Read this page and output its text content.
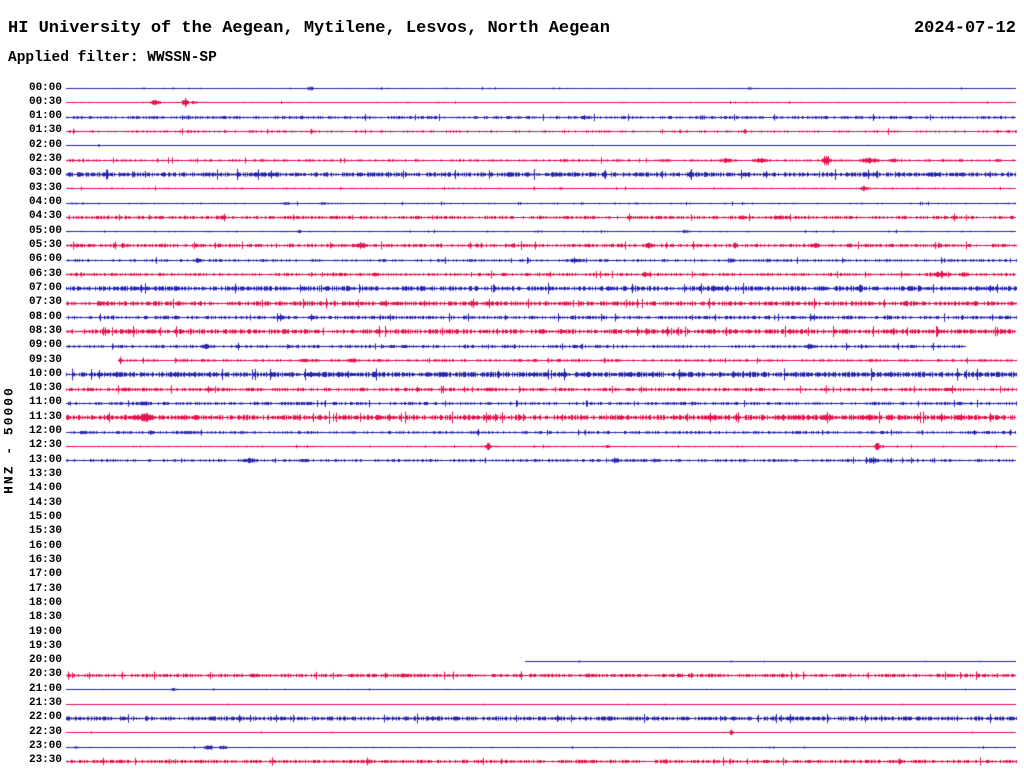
HI University of the Aegean, Mytilene, Lesvos, North Aegean	2024-07-12
Applied filter: WWSSN-SP
HNZ - 50000
00:00
00:30
01:00
01:30
02:00
02:30
03:00
03:30
04:00
04:30
05:00
05:30
06:00
06:30
07:00
07:30
08:00
08:30
09:00
09:30
10:00
10:30
11:00
11:30
12:00
12:30
13:00
13:30
14:00
14:30
15:00
15:30
16:00
16:30
17:00
17:30
18:00
18:30
19:00
19:30
20:00
20:30
21:00
21:30
22:00
22:30
23:00
23:30
